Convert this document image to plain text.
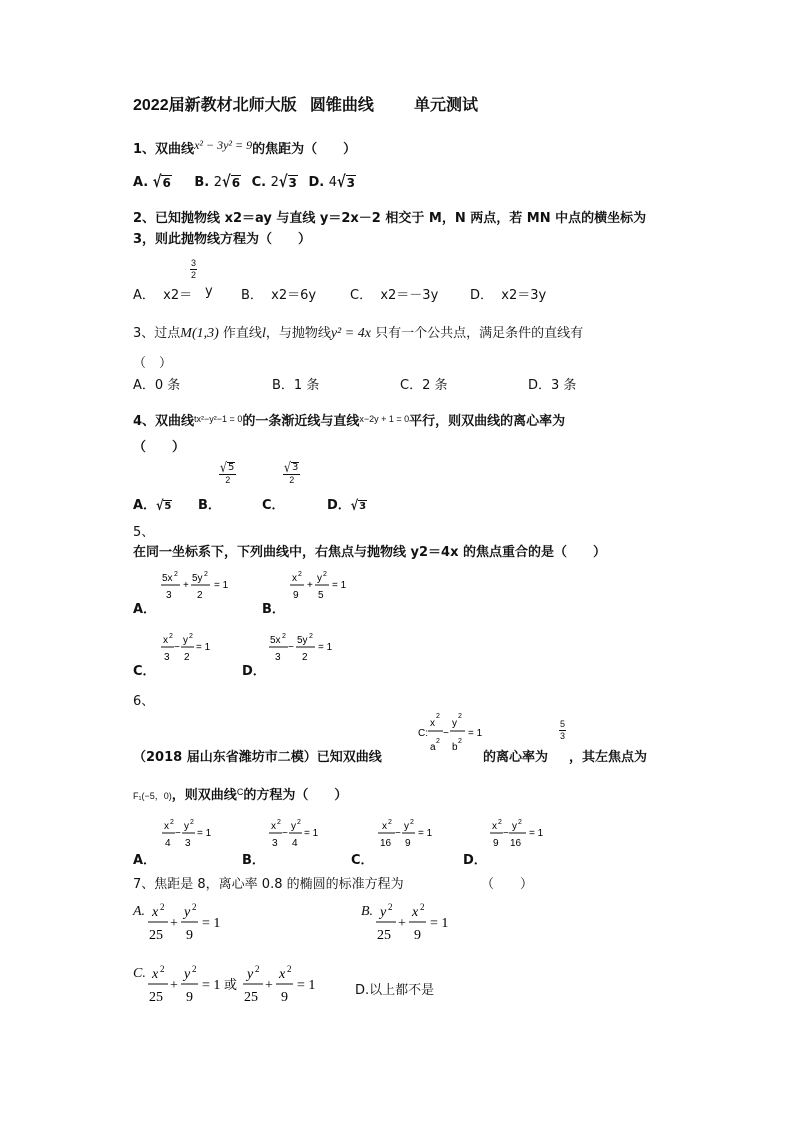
2022届新教材北师大版   圆锥曲线         单元测试
1、双曲线x² − 3y² = 9的焦距为（　　）
A. √ 6 B. 2 √ 6 C. 2 √ 3 D. 4 √ 3
2、已知抛物线 x2＝ay 与直线 y＝2x－2 相交于 M，N 两点，若 MN 中点的横坐标为
3，则此抛物线方程为（　　）
A．  x2＝
$\frac{3}{2}$
y B．  x2＝6y	C．  x2＝－3y D．  x2＝3y
3、过点M(1,3) 作直线l，与抛物线y² = 4x 只有一个公共点，满足条件的直线有
（　）
A．0 条	B．1 条	C．2 条	D．3 条
4、双曲线$^{tx^2-y^2-1 = 0}$的一条渐近线与直线$^{x-2y + 1 = 0}$平行，则双曲线的离心率为
（　　）
A． √ 5 B．
$\frac{√ 5}{2}$
C．
$\frac{√ 3}{2}$
D． √ 3
5、
在同一坐标系下，下列曲线中，右焦点与抛物线 y2＝4x 的焦点重合的是（　　）
A．
5x 2
3
+
5y 2
2
= 1
B．
x 2
9
+
y 2
5
= 1
C．
x 2
3
−
y 2
2
= 1
D．
5x 2
3
−
5y 2
2
= 1
6、
（2018 届山东省潍坊市二模）已知双曲线
C:
x
2
a
2
−
y
2
b
2
= 1
的离心率为
$\frac{5}{3}$
，其左焦点为
F₁(−5，0)，则双曲线$^C$的方程为（　　）
A．
x 2
4
−
y 2
3
= 1
B．
x 2
3
−
y 2
4
= 1
C．
x 2
16
−
y 2
9
= 1
D．
x 2
9
−
y 2
16
= 1
7、焦距是 8，离心率 0.8 的椭圆的标准方程为	（　　）
A. x 2
25
+
y 2
9
= 1
B. y 2
25
+
x 2
9
= 1
C. x 2
25
+
y 2
9
= 1 或
y 2
25
+
x 2
9
= 1	D.以上都不是
